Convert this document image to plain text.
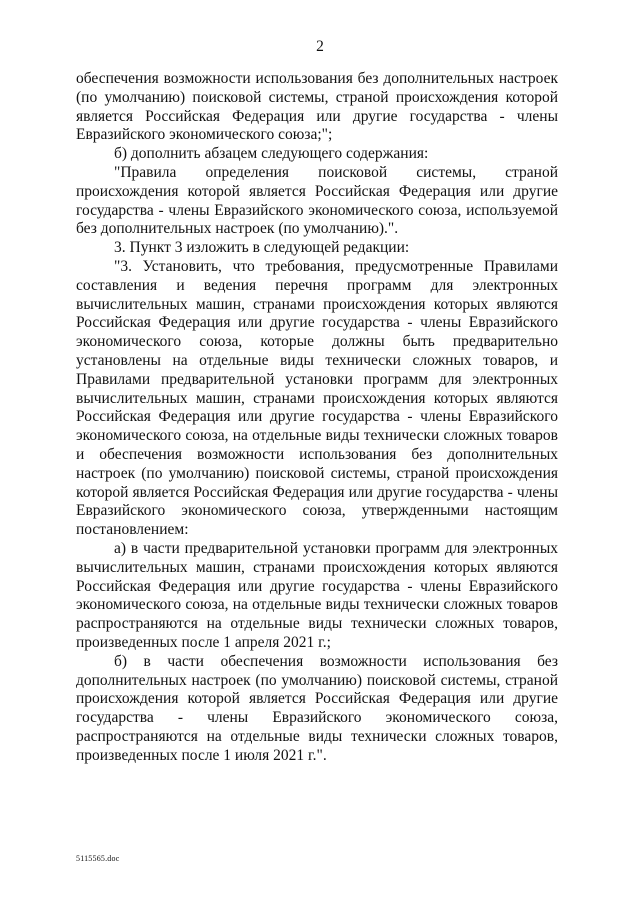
2

обеспечения возможности использования без дополнительных настроек (по умолчанию) поисковой системы, страной происхождения которой является Российская Федерация или другие государства - члены Евразийского экономического союза;";

б) дополнить абзацем следующего содержания:

"Правила определения поисковой системы, страной происхождения которой является Российская Федерация или другие государства - члены Евразийского экономического союза, используемой без дополнительных настроек (по умолчанию).".

3. Пункт 3 изложить в следующей редакции:

"3. Установить, что требования, предусмотренные Правилами составления и ведения перечня программ для электронных вычислительных машин, странами происхождения которых являются Российская Федерация или другие государства - члены Евразийского экономического союза, которые должны быть предварительно установлены на отдельные виды технически сложных товаров, и Правилами предварительной установки программ для электронных вычислительных машин, странами происхождения которых являются Российская Федерация или другие государства - члены Евразийского экономического союза, на отдельные виды технически сложных товаров и обеспечения возможности использования без дополнительных настроек (по умолчанию) поисковой системы, страной происхождения которой является Российская Федерация или другие государства - члены Евразийского экономического союза, утвержденными настоящим постановлением:

а) в части предварительной установки программ для электронных вычислительных машин, странами происхождения которых являются Российская Федерация или другие государства - члены Евразийского экономического союза, на отдельные виды технически сложных товаров распространяются на отдельные виды технически сложных товаров, произведенных после 1 апреля 2021 г.;

б) в части обеспечения возможности использования без дополнительных настроек (по умолчанию) поисковой системы, страной происхождения которой является Российская Федерация или другие государства - члены Евразийского экономического союза, распространяются на отдельные виды технически сложных товаров, произведенных после 1 июля 2021 г.".

5115565.doc
